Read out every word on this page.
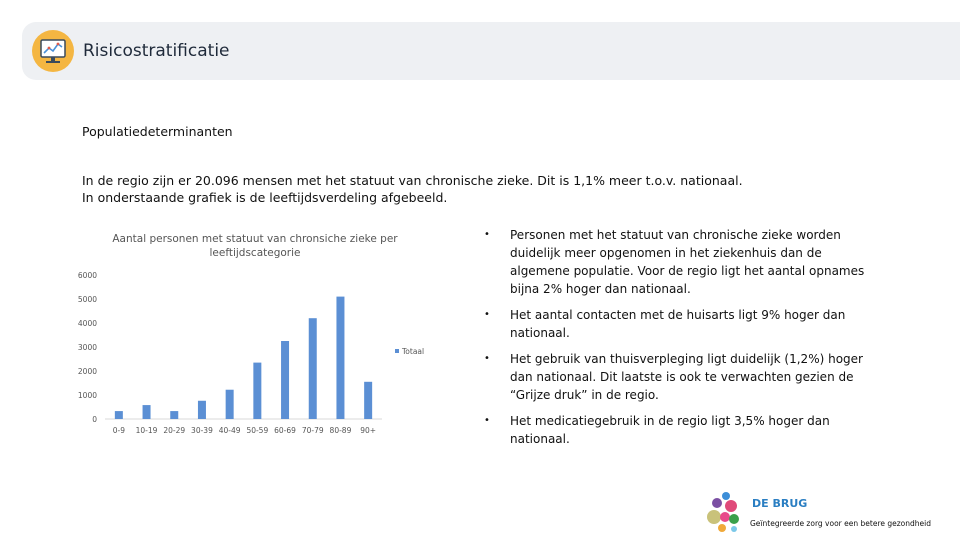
Risicostratificatie
Populatiedeterminanten
In de regio zijn er 20.096 mensen met het statuut van chronische zieke. Dit is 1,1% meer t.o.v. nationaal.
In onderstaande grafiek is de leeftijdsverdeling afgebeeld.
Aantal personen met statuut van chronsiche zieke per leeftijdscategorie
0
1000
2000
3000
4000
5000
6000
0-9 10-19 20-29 30-39 40-49 50-59 60-69 70-79 80-89 90+
Totaal
• Personen met het statuut van chronische zieke worden duidelijk meer opgenomen in het ziekenhuis dan de algemene populatie. Voor de regio ligt het aantal opnames bijna 2% hoger dan nationaal.
• Het aantal contacten met de huisarts ligt 9% hoger dan nationaal.
• Het gebruik van thuisverpleging ligt duidelijk (1,2%) hoger dan nationaal. Dit laatste is ook te verwachten gezien de “Grijze druk” in de regio.
• Het medicatiegebruik in de regio ligt 3,5% hoger dan nationaal.
DE BRUG
Geïntegreerde zorg voor een betere gezondheid
